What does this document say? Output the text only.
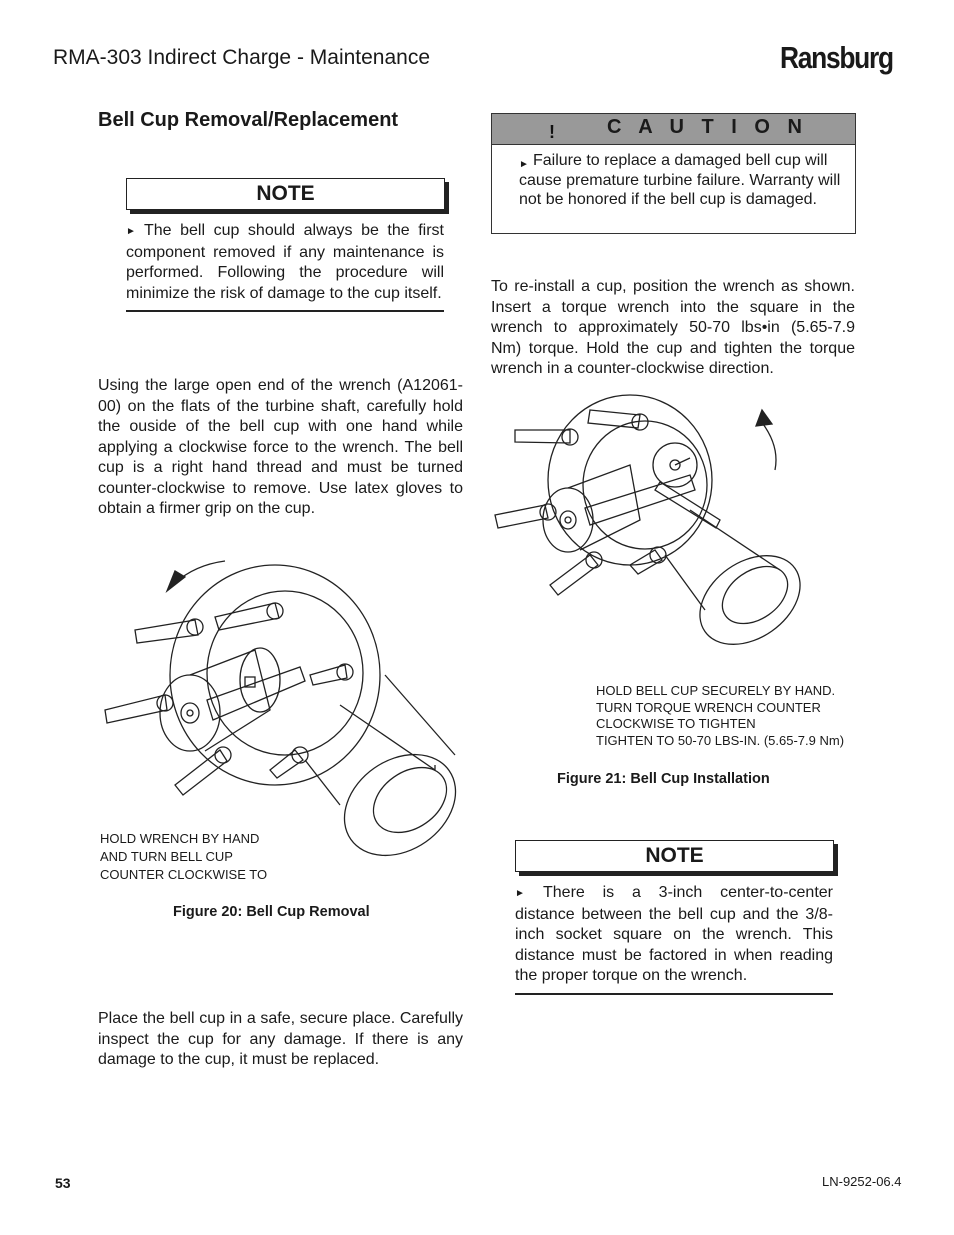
RMA-303 Indirect Charge - Maintenance	Ransburg
Bell Cup Removal/Replacement
NOTE
► The bell cup should always be the first component removed if any maintenance is performed. Following the procedure will minimize the risk of damage to the cup itself.
Using the large open end of the wrench (A12061-00) on the flats of the turbine shaft, carefully hold the ouside of the bell cup with one hand while applying a clockwise force to the wrench. The bell cup is a right hand thread and must be turned counter-clockwise to remove. Use latex gloves to obtain a firmer grip on the cup.
HOLD WRENCH BY HAND
AND TURN BELL CUP
COUNTER CLOCKWISE TO
Figure 20: Bell Cup Removal
Place the bell cup in a safe, secure place. Carefully inspect the cup for any damage. If there is any damage to the cup, it must be replaced.
!	C A U T I O N
► Failure to replace a damaged bell cup will cause premature turbine failure. Warranty will not be honored if the bell cup is damaged.
To re-install a cup, position the wrench as shown. Insert a torque wrench into the square in the wrench to approximately 50-70 lbs•in (5.65-7.9 Nm) torque. Hold the cup and tighten the torque wrench in a counter-clockwise direction.
HOLD BELL CUP SECURELY BY HAND.
TURN TORQUE WRENCH COUNTER
CLOCKWISE TO TIGHTEN
TIGHTEN TO 50-70 LBS-IN. (5.65-7.9 Nm)
Figure 21: Bell Cup Installation
NOTE
► There is a 3-inch center-to-center distance between the bell cup and the 3/8-inch socket square on the wrench. This distance must be factored in when reading the proper torque on the wrench.
53	LN-9252-06.4
